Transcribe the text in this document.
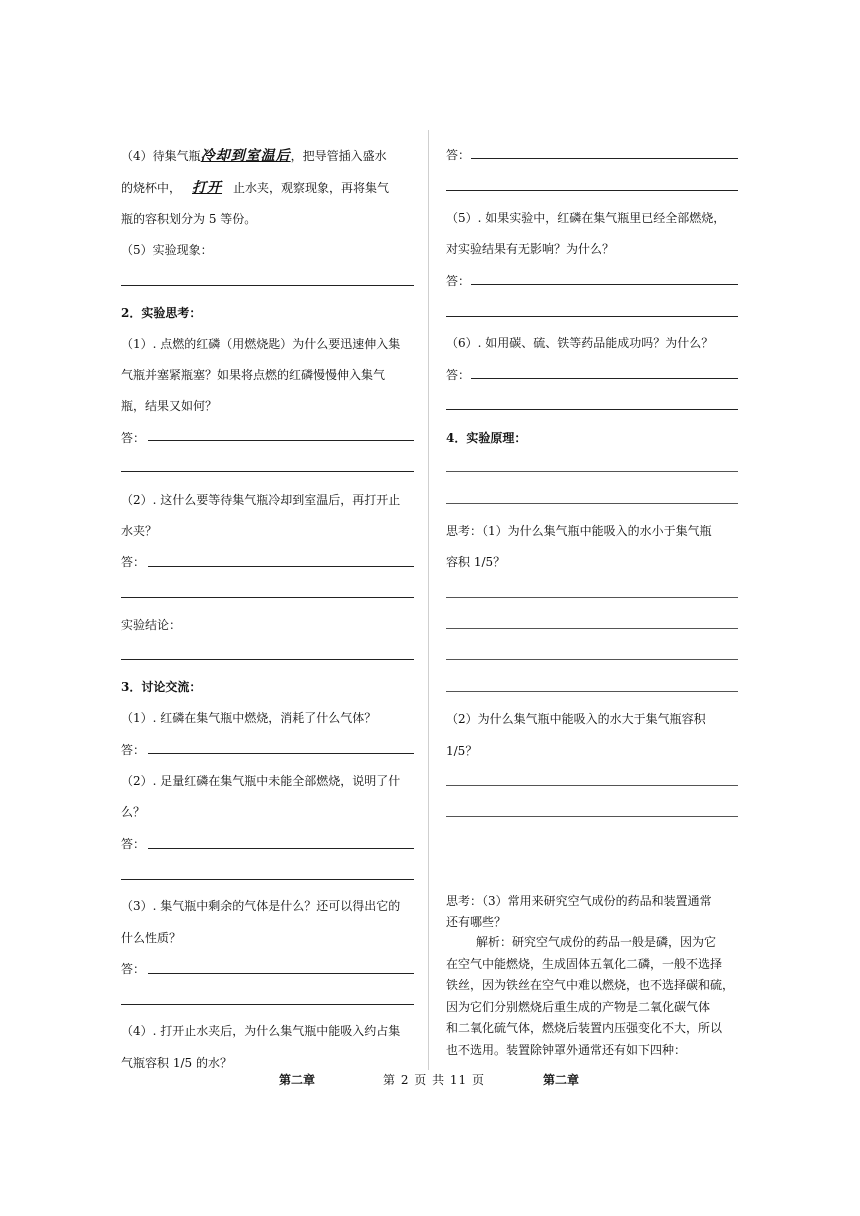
（4）待集气瓶冷却到室温后，把导管插入盛水
的烧杯中， 打开 止水夹，观察现象，再将集气
瓶的容积划分为 5 等份。
（5）实验现象：
2．实验思考：
（1）. 点燃的红磷（用燃烧匙）为什么要迅速伸入集
气瓶并塞紧瓶塞？如果将点燃的红磷慢慢伸入集气
瓶，结果又如何？
答：
（2）. 这什么要等待集气瓶冷却到室温后，再打开止
水夹？
答：
实验结论：
3．讨论交流：
（1）. 红磷在集气瓶中燃烧，消耗了什么气体？
答：
（2）. 足量红磷在集气瓶中未能全部燃烧，说明了什
么？
答：
（3）. 集气瓶中剩余的气体是什么？还可以得出它的
什么性质？
答：
（4）. 打开止水夹后，为什么集气瓶中能吸入约占集
气瓶容积 1/5 的水？
答：
（5）. 如果实验中，红磷在集气瓶里已经全部燃烧，
对实验结果有无影响？为什么？
答：
（6）. 如用碳、硫、铁等药品能成功吗？为什么？
答：
4．实验原理：
思考：（1）为什么集气瓶中能吸入的水小于集气瓶
容积 1/5？
（2）为什么集气瓶中能吸入的水大于集气瓶容积
1/5？
思考：（3）常用来研究空气成份的药品和装置通常
还有哪些？
解析：研究空气成份的药品一般是磷，因为它
在空气中能燃烧，生成固体五氧化二磷，一般不选择
铁丝，因为铁丝在空气中难以燃烧，也不选择碳和硫，
因为它们分别燃烧后重生成的产物是二氧化碳气体
和二氧化硫气体，燃烧后装置内压强变化不大，所以
也不选用。装置除钟罩外通常还有如下四种：
第二章	第 2 页 共 11 页	第二章
